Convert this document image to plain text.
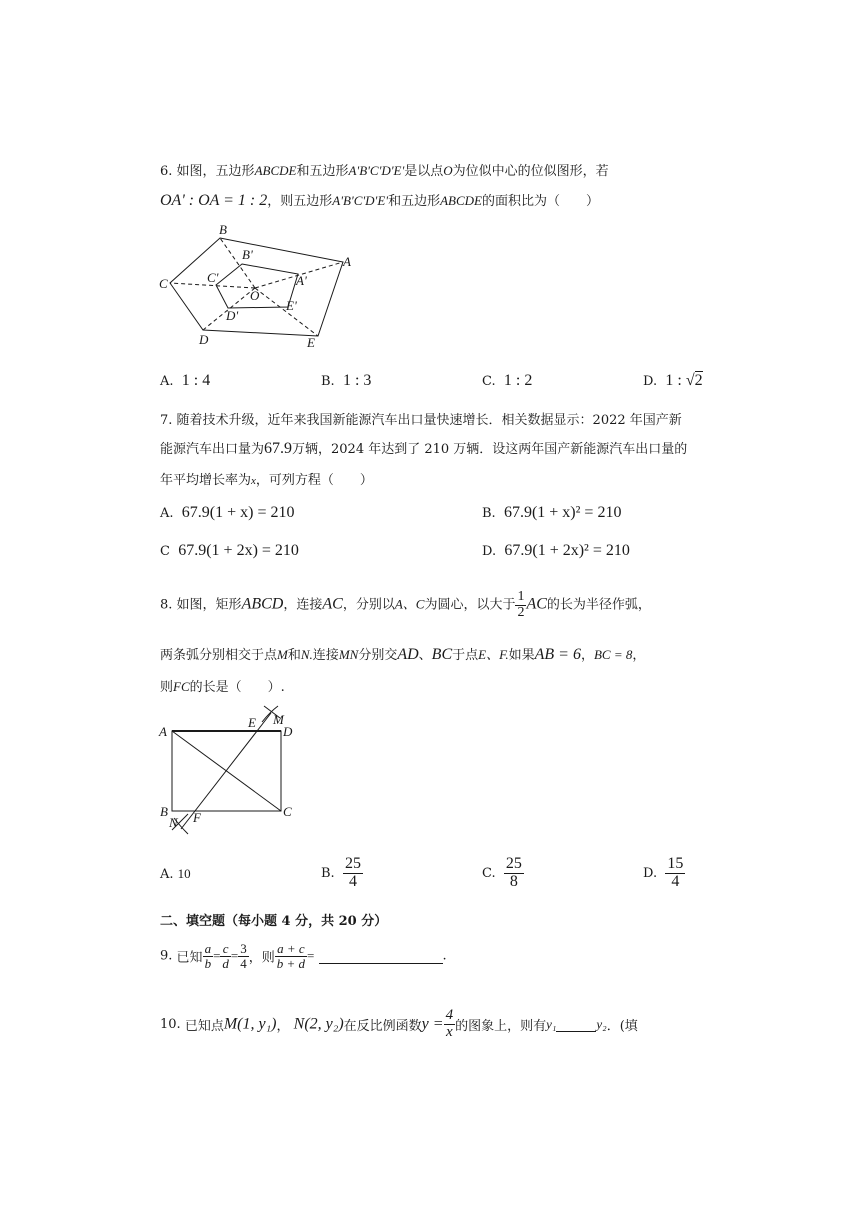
6. 如图，五边形ABCDE和五边形A'B'C'D'E'是以点O为位似中心的位似图形，若
OA' : OA = 1 : 2，则五边形A'B'C'D'E'和五边形ABCDE的面积比为（　　）
B
A
C
D	E
B'
A'
C'
D'
E'
O
A. 1 : 4	B. 1 : 3	C. 1 : 2	D. 1 : √2
7. 随着技术升级，近年来我国新能源汽车出口量快速增长．相关数据显示：2022 年国产新
能源汽车出口量为67.9万辆，2024 年达到了 210 万辆．设这两年国产新能源汽车出口量的
年平均增长率为x，可列方程（　　）
A. 67.9(1 + x) = 210	B. 67.9(1 + x)² = 210
C 67.9(1 + 2x) = 210	D. 67.9(1 + 2x)² = 210
8. 如图，矩形ABCD，连接AC，分别以A、C为圆心，以大于 $\frac{1}{2}$ AC的长为半径作弧，
两条弧分别相交于点M和N.连接MN分别交AD、BC于点E、F.如果AB = 6，BC = 8，
则FC的长是（　　）.
A	D
B	C
E M
F
N
A. 10	B. $\frac{25}{4}$	C. $\frac{25}{8}$	D. $\frac{15}{4}$
二、填空题（每小题 4 分，共 20 分）
9. 已知 $\frac{a}{b} = \frac{c}{d} = \frac{3}{4}$ ，则 $\frac{a + c}{b + d}$ =	.
10. 已知点M(1, y₁)， N(2, y₂)在反比例函数$y = \frac{4}{x}$ 的图象上，则有y₁	y₂．(填
